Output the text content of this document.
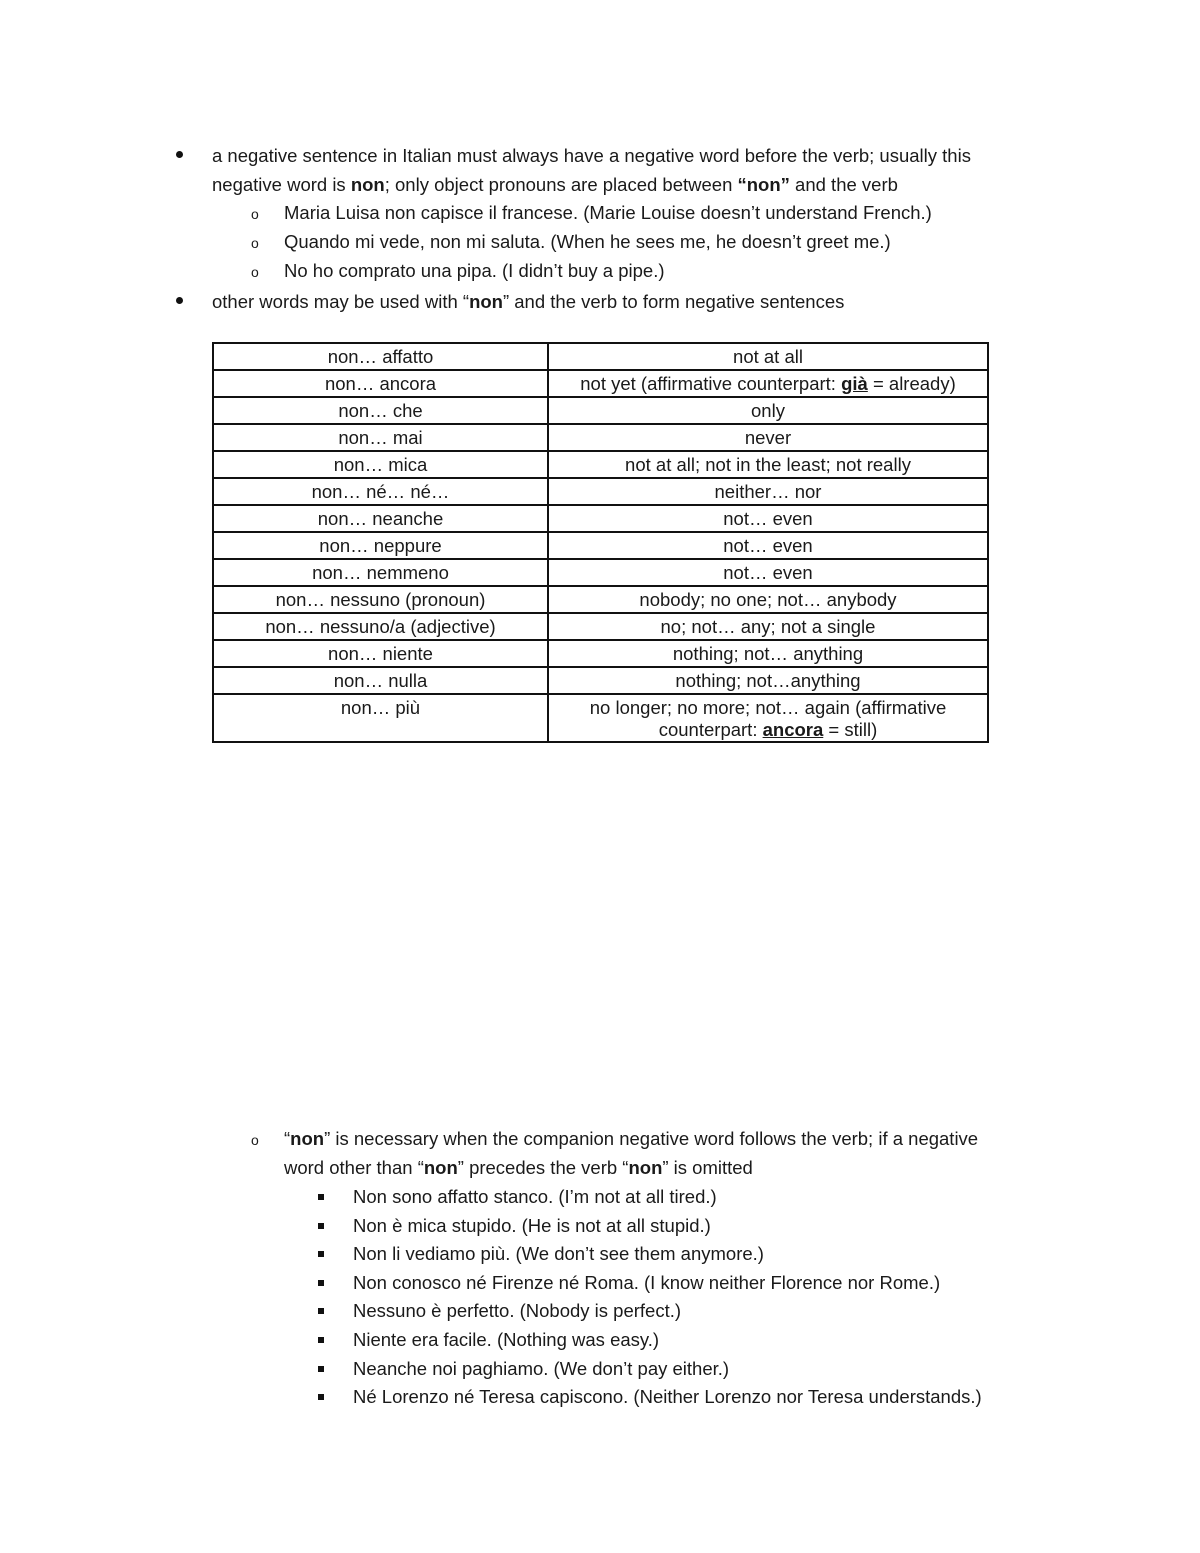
a negative sentence in Italian must always have a negative word before the verb; usually this
negative word is non; only object pronouns are placed between “non” and the verb
o Maria Luisa non capisce il francese. (Marie Louise doesn’t understand French.)
o Quando mi vede, non mi saluta. (When he sees me, he doesn’t greet me.)
o No ho comprato una pipa. (I didn’t buy a pipe.)
other words may be used with “non” and the verb to form negative sentences
non… affatto	not at all
non… ancora	not yet (affirmative counterpart: già = already)
non… che	only
non… mai	never
non… mica	not at all; not in the least; not really
non… né… né…	neither… nor
non… neanche	not… even
non… neppure	not… even
non… nemmeno	not… even
non… nessuno (pronoun)	nobody; no one; not… anybody
non… nessuno/a (adjective)	no; not… any; not a single
non… niente	nothing; not… anything
non… nulla	nothing; not…anything
non… più	no longer; no more; not… again (affirmative counterpart: ancora = still)
o “non” is necessary when the companion negative word follows the verb; if a negative
word other than “non” precedes the verb “non” is omitted
Non sono affatto stanco. (I’m not at all tired.)
Non è mica stupido. (He is not at all stupid.)
Non li vediamo più. (We don’t see them anymore.)
Non conosco né Firenze né Roma. (I know neither Florence nor Rome.)
Nessuno è perfetto. (Nobody is perfect.)
Niente era facile. (Nothing was easy.)
Neanche noi paghiamo. (We don’t pay either.)
Né Lorenzo né Teresa capiscono. (Neither Lorenzo nor Teresa understands.)
